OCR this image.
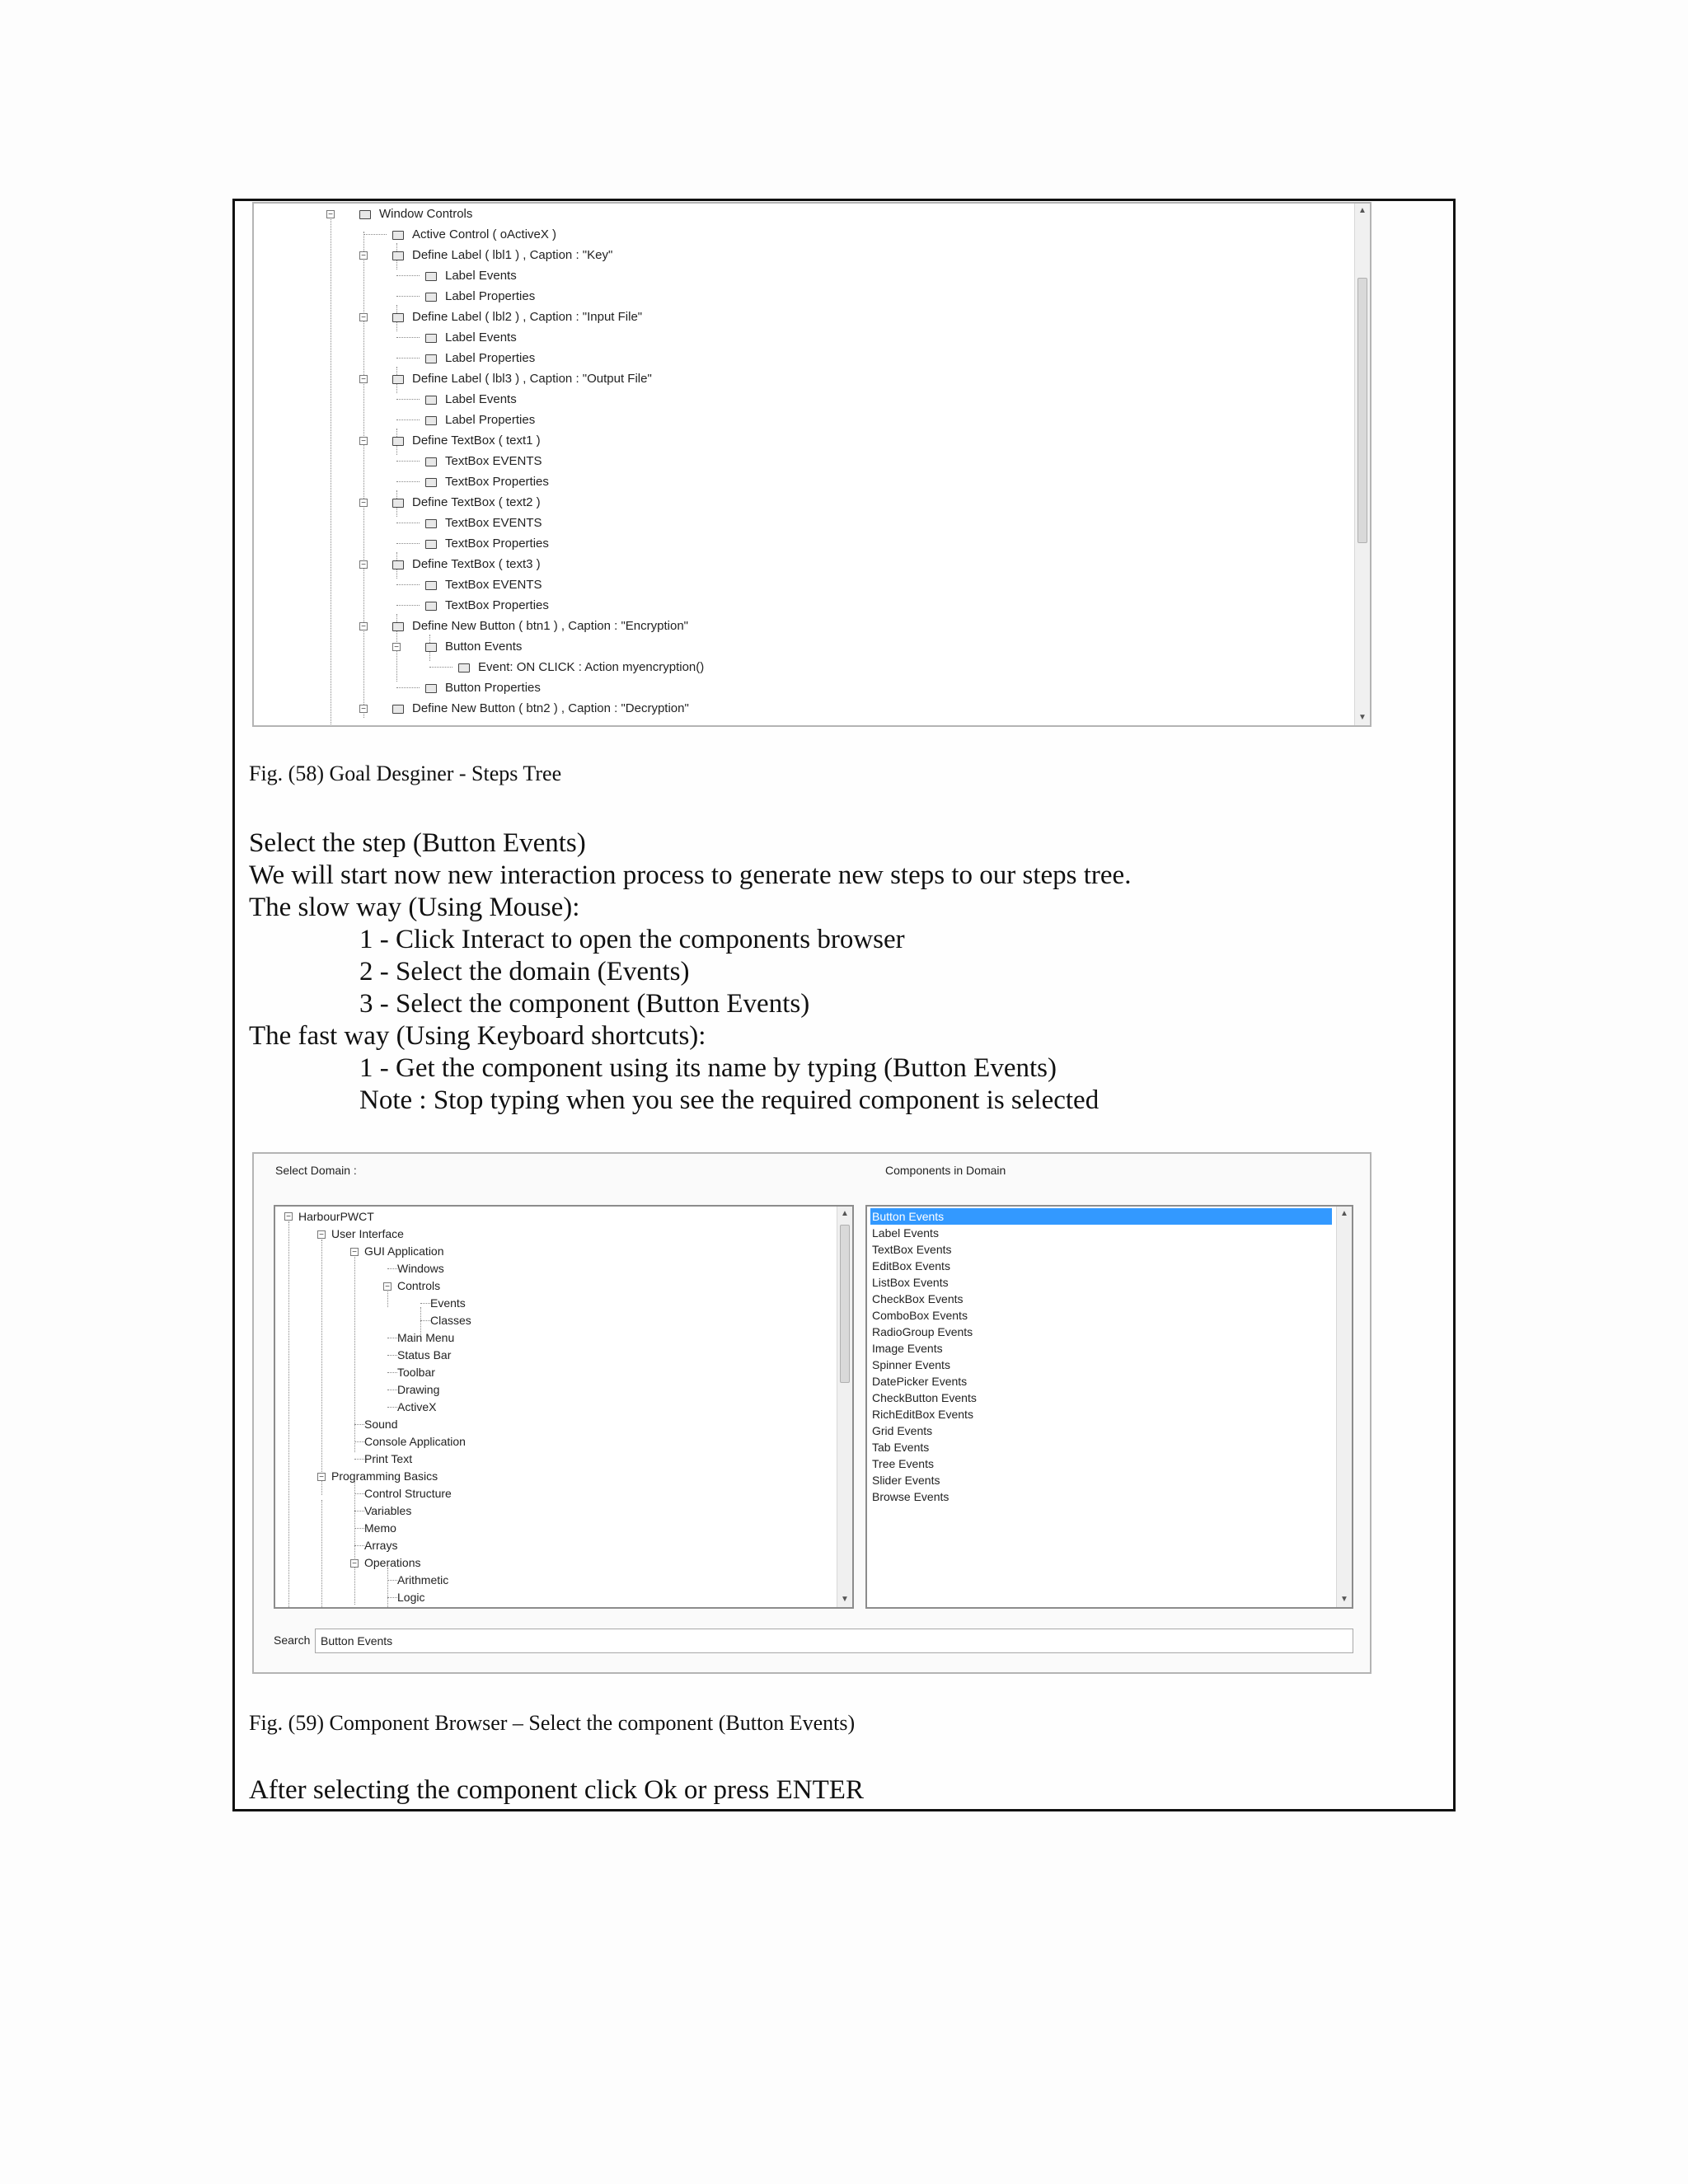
−	Window Controls
Active Control ( oActiveX )
−	Define Label ( lbl1 ) , Caption : "Key"
Label Events
Label Properties
−	Define Label ( lbl2 ) , Caption : "Input File"
Label Events
Label Properties
−	Define Label ( lbl3 ) , Caption : "Output File"
Label Events
Label Properties
−	Define TextBox ( text1 )
TextBox EVENTS
TextBox Properties
−	Define TextBox ( text2 )
TextBox EVENTS
TextBox Properties
−	Define TextBox ( text3 )
TextBox EVENTS
TextBox Properties
−	Define New Button ( btn1 ) , Caption : "Encryption"
−	Button Events
Event: ON CLICK : Action myencryption()
Button Properties
−	Define New Button ( btn2 ) , Caption : "Decryption"
▲
▼
Fig. (58) Goal Desginer - Steps Tree
Select the step (Button Events)
We will start now new interaction process to generate new steps to our steps tree.
The slow way (Using Mouse):
1 - Click Interact to open the components browser
2 - Select the domain (Events)
3 - Select the component (Button Events)
The fast way (Using Keyboard shortcuts):
1 - Get the component using its name by typing (Button Events)
Note : Stop typing when you see the required component is selected
Select Domain :	Components in Domain
− HarbourPWCT
− User Interface
− GUI Application
Windows
− Controls
Events
Classes
Main Menu
Status Bar
Toolbar
Drawing
ActiveX
Sound
Console Application
Print Text
− Programming Basics
Control Structure
Variables
Memo
Arrays
− Operations
Arithmetic
Logic
▲
▼
Button Events
Label Events
TextBox Events
EditBox Events
ListBox Events
CheckBox Events
ComboBox Events
RadioGroup Events
Image Events
Spinner Events
DatePicker Events
CheckButton Events
RichEditBox Events
Grid Events
Tab Events
Tree Events
Slider Events
Browse Events
▲
▼
Search
Button Events
Fig. (59) Component Browser – Select the component (Button Events)
After selecting the component click Ok or press ENTER
